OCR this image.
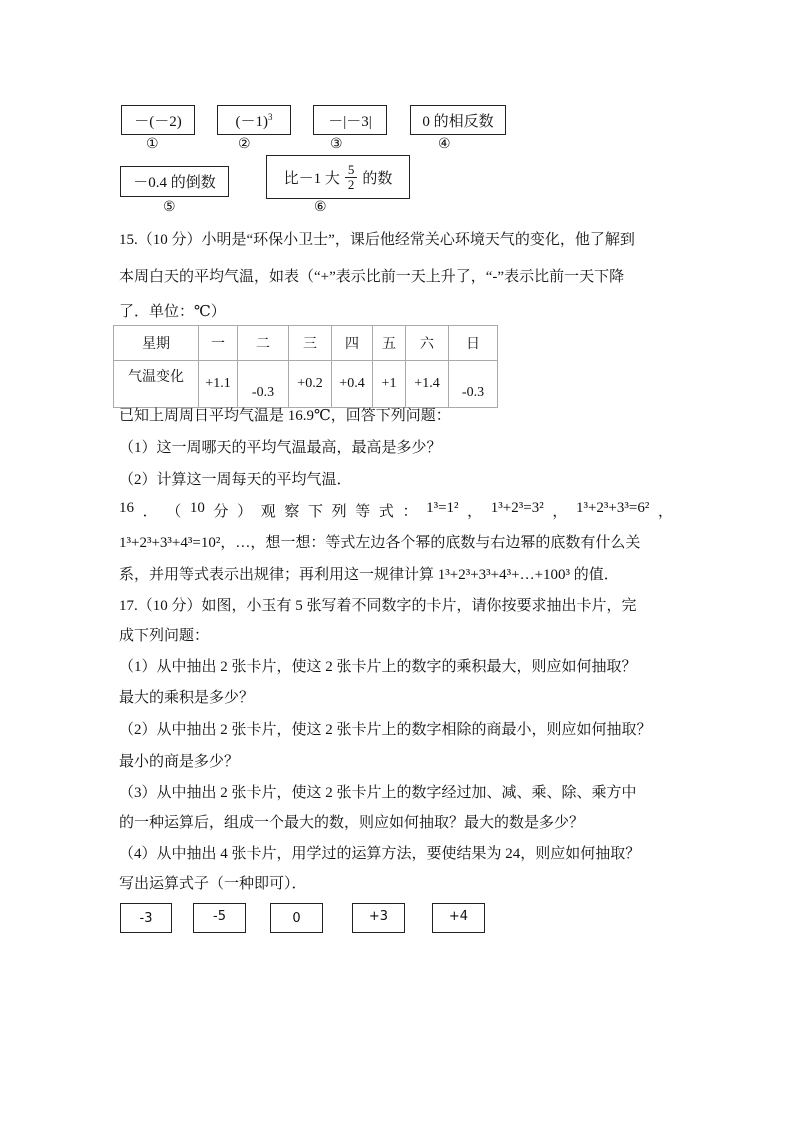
－(－2)	$(-1)^3$	－|－3|	0 的相反数
①	②	③	④
－0.4 的倒数	比－1 大 $\frac{5}{2}$ 的数
⑤	⑥
15.（10 分）小明是“环保小卫士”，课后他经常关心环境天气的变化，他了解到
本周白天的平均气温，如表（“+”表示比前一天上升了，“-”表示比前一天下降
了．单位：℃）
星期	一	二	三	四	五	六	日
气温变化	+1.1	-0.3	+0.2	+0.4	+1	+1.4	-0.3
已知上周周日平均气温是 16.9℃，回答下列问题：
（1）这一周哪天的平均气温最高，最高是多少？
（2）计算这一周每天的平均气温．
16 ． （ 10 分 ） 观 察 下 列 等 式 ： 1³=1² ， 1³+2³=3² ， 1³+2³+3³=6² ，
1³+2³+3³+4³=10²，…，想一想：等式左边各个幂的底数与右边幂的底数有什么关
系，并用等式表示出规律；再利用这一规律计算 1³+2³+3³+4³+…+100³ 的值．
17.（10 分）如图，小玉有 5 张写着不同数字的卡片，请你按要求抽出卡片，完
成下列问题：
（1）从中抽出 2 张卡片，使这 2 张卡片上的数字的乘积最大，则应如何抽取？
最大的乘积是多少？
（2）从中抽出 2 张卡片，使这 2 张卡片上的数字相除的商最小，则应如何抽取？
最小的商是多少？
（3）从中抽出 2 张卡片，使这 2 张卡片上的数字经过加、减、乘、除、乘方中
的一种运算后，组成一个最大的数，则应如何抽取？最大的数是多少？
（4）从中抽出 4 张卡片，用学过的运算方法，要使结果为 24，则应如何抽取？
写出运算式子（一种即可）．
-3	-5	0	+3	+4
